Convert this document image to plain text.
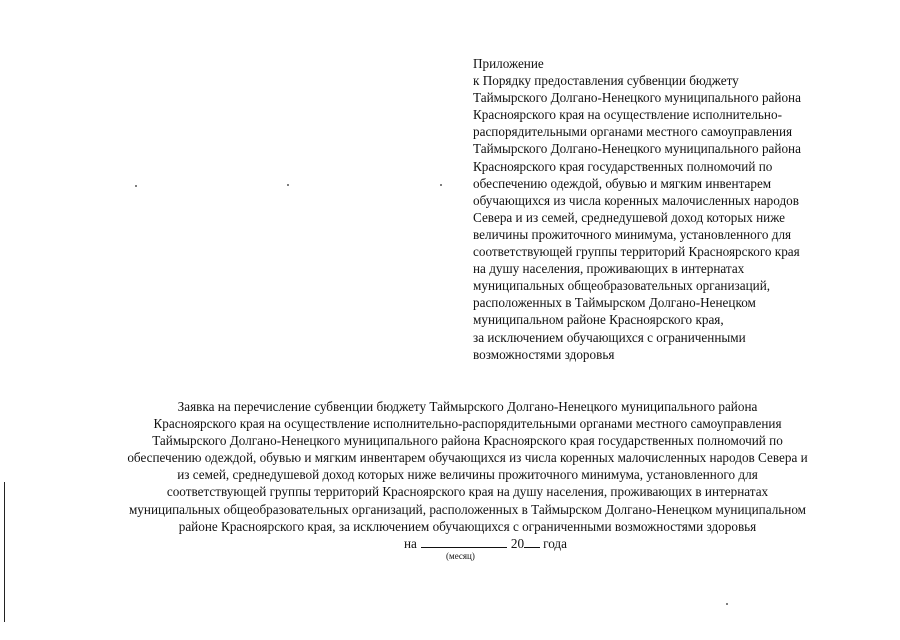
Приложение
к Порядку предоставления субвенции бюджету
Таймырского Долгано-Ненецкого муниципального района
Красноярского края на осуществление исполнительно-
распорядительными органами местного самоуправления
Таймырского Долгано-Ненецкого муниципального района
Красноярского края государственных полномочий по
обеспечению одеждой, обувью и мягким инвентарем
обучающихся из числа коренных малочисленных народов
Севера и из семей, среднедушевой доход которых ниже
величины прожиточного минимума, установленного для
соответствующей группы территорий Красноярского края
на душу населения, проживающих в интернатах
муниципальных общеобразовательных организаций,
расположенных в Таймырском Долгано-Ненецком
муниципальном районе Красноярского края,
за исключением обучающихся с ограниченными
возможностями здоровья
Заявка на перечисление субвенции бюджету Таймырского Долгано-Ненецкого муниципального района
Красноярского края на осуществление исполнительно-распорядительными органами местного самоуправления
Таймырского Долгано-Ненецкого муниципального района Красноярского края государственных полномочий по
обеспечению одеждой, обувью и мягким инвентарем обучающихся из числа коренных малочисленных народов Севера и
из семей, среднедушевой доход которых ниже величины прожиточного минимума, установленного для
соответствующей группы территорий Красноярского края на душу населения, проживающих в интернатах
муниципальных общеобразовательных организаций, расположенных в Таймырском Долгано-Ненецком муниципальном
районе Красноярского края, за исключением обучающихся с ограниченными возможностями здоровья
на	20 года
(месяц)
